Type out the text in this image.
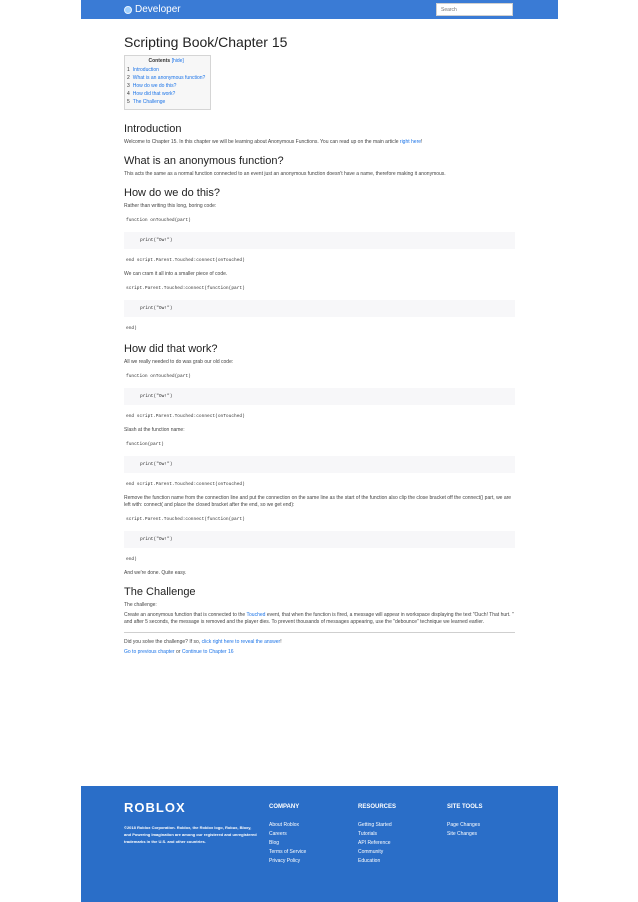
Developer
Search
Scripting Book/Chapter 15
Contents [hide]
1 Introduction
2 What is an anonymous function?
3 How do we do this?
4 How did that work?
5 The Challenge
Introduction

Welcome to Chapter 15. In this chapter we will be learning about Anonymous Functions. You can read up on the main article right here!

What is an anonymous function?

This acts the same as a normal function connected to an event just an anonymous function doesn't have a name, therefore making it anonymous.

How do we do this?

Rather than writing this long, boring code:

function onTouched(part)
print("Ow!")
end script.Parent.Touched:connect(onTouched)

We can cram it all into a smaller piece of code.

script.Parent.Touched:connect(function(part)
print("Ow!")
end)
How did that work?

All we really needed to do was grab our old code:

function onTouched(part)
print("Ow!")
end script.Parent.Touched:connect(onTouched)

Slash at the function name:

function(part)
print("Ow!")
end script.Parent.Touched:connect(onTouched)

Remove the function name from the connection line and put the connection on the same line as the start of the function also clip the close bracket off the connect() part, we are left with: connect( and place the closed bracket after the end, so we get end):

script.Parent.Touched:connect(function(part)
print("Ow!")
end)

And we're done. Quite easy.

The Challenge

The challenge:

Create an anonymous function that is connected to the Touched event, that when the function is fired, a message will appear in workspace displaying the text "Ouch! That hurt. " and after 5 seconds, the message is removed and the player dies. To prevent thousands of messages appearing, use the "debounce" technique we learned earlier.

Did you solve the challenge? If so, click right here to reveal the answer!

Go to previous chapter or Continue to Chapter 16

ROBLOX
©2018 Roblox Corporation. Roblox, the Roblox logo, Robux, Bloxy, and Powering Imagination are among our registered and unregistered trademarks in the U.S. and other countries.
COMPANY
About Roblox
Careers
Blog
Terms of Service
Privacy Policy
RESOURCES
Getting Started
Tutorials
API Reference
Community
Education
SITE TOOLS
Page Changes
Site Changes
